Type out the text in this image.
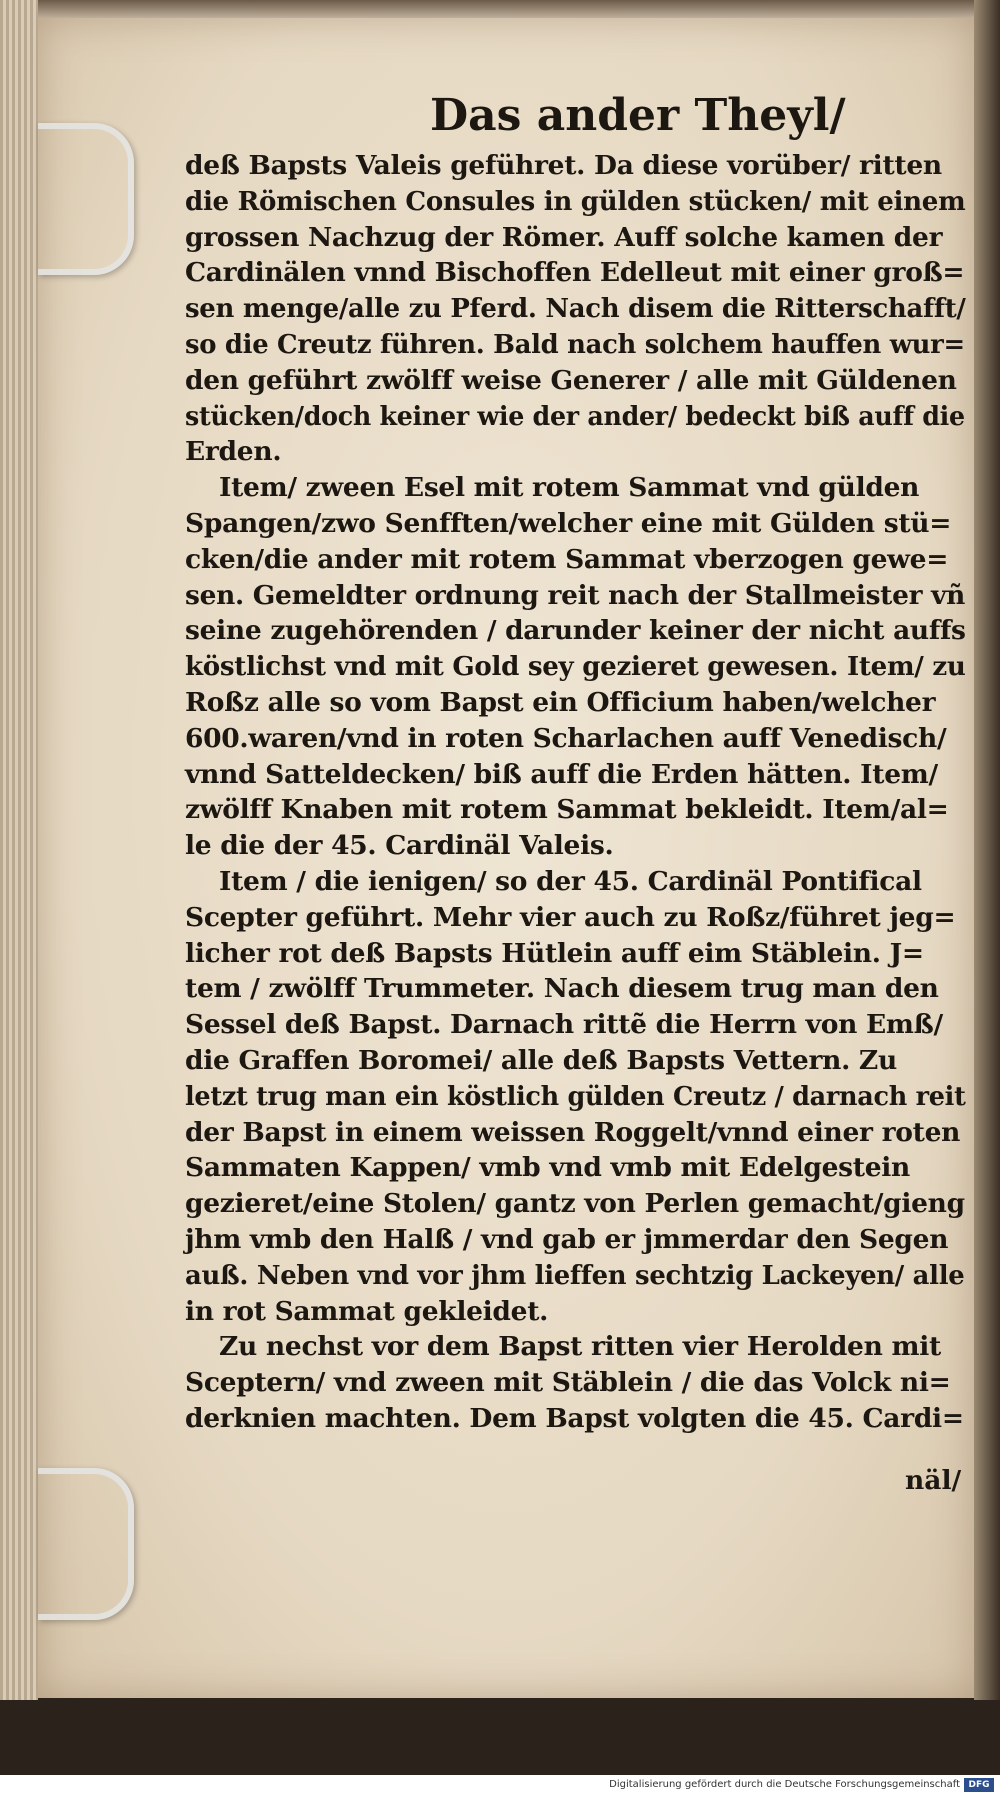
Das ander Theyl/
deß Bapsts Valeis geführet. Da diese vorüber/ ritten
die Römischen Consules in gülden stücken/ mit einem
grossen Nachzug der Römer. Auff solche kamen der
Cardinälen vnnd Bischoffen Edelleut mit einer groß=
sen menge/alle zu Pferd. Nach disem die Ritterschafft/
so die Creutz führen. Bald nach solchem hauffen wur=
den geführt zwölff weise Generer / alle mit Güldenen
stücken/doch keiner wie der ander/ bedeckt biß auff die
Erden.
Item/ zween Esel mit rotem Sammat vnd gülden
Spangen/zwo Senfften/welcher eine mit Gülden stü=
cken/die ander mit rotem Sammat vberzogen gewe=
sen. Gemeldter ordnung reit nach der Stallmeister vñ
seine zugehörenden / darunder keiner der nicht auffs
köstlichst vnd mit Gold sey gezieret gewesen. Item/ zu
Roßz alle so vom Bapst ein Officium haben/welcher
600.waren/vnd in roten Scharlachen auff Venedisch/
vnnd Satteldecken/ biß auff die Erden hätten. Item/
zwölff Knaben mit rotem Sammat bekleidt. Item/al=
le die der 45. Cardinäl Valeis.
Item / die ienigen/ so der 45. Cardinäl Pontifical
Scepter geführt. Mehr vier auch zu Roßz/führet jeg=
licher rot deß Bapsts Hütlein auff eim Stäblein. J=
tem / zwölff Trummeter. Nach diesem trug man den
Sessel deß Bapst. Darnach rittẽ die Herrn von Emß/
die Graffen Boromei/ alle deß Bapsts Vettern. Zu
letzt trug man ein köstlich gülden Creutz / darnach reit
der Bapst in einem weissen Roggelt/vnnd einer roten
Sammaten Kappen/ vmb vnd vmb mit Edelgestein
gezieret/eine Stolen/ gantz von Perlen gemacht/gieng
jhm vmb den Halß / vnd gab er jmmerdar den Segen
auß. Neben vnd vor jhm lieffen sechtzig Lackeyen/ alle
in rot Sammat gekleidet.
Zu nechst vor dem Bapst ritten vier Herolden mit
Sceptern/ vnd zween mit Stäblein / die das Volck ni=
derknien machten. Dem Bapst volgten die 45. Cardi=
näl/
Digitalisierung gefördert durch die Deutsche Forschungsgemeinschaft DFG
